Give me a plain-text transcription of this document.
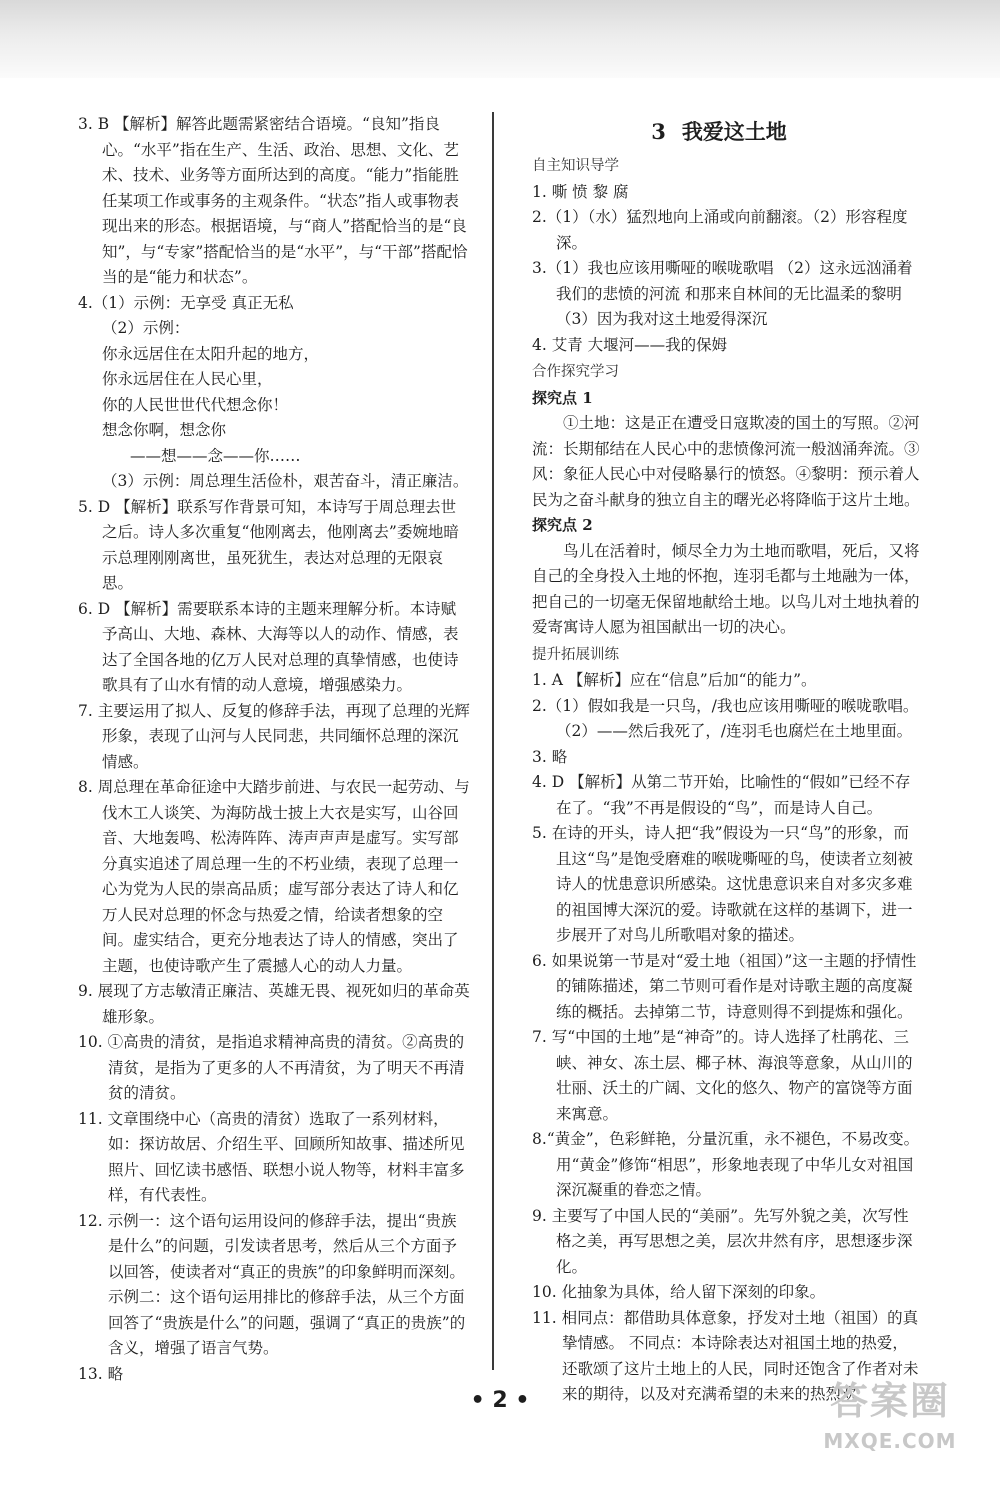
3. B 【解析】解答此题需紧密结合语境。“良知”指良心。“水平”指在生产、生活、政治、思想、文化、艺术、技术、业务等方面所达到的高度。“能力”指能胜任某项工作或事务的主观条件。“状态”指人或事物表现出来的形态。根据语境，与“商人”搭配恰当的是“良知”，与“专家”搭配恰当的是“水平”，与“干部”搭配恰当的是“能力和状态”。

4.（1）示例：无享受 真正无私

（2）示例：

你永远居住在太阳升起的地方，

你永远居住在人民心里，

你的人民世世代代想念你！

想念你啊，想念你

——想——念——你……

（3）示例：周总理生活俭朴，艰苦奋斗，清正廉洁。

5. D 【解析】联系写作背景可知，本诗写于周总理去世之后。诗人多次重复“他刚离去，他刚离去”委婉地暗示总理刚刚离世，虽死犹生，表达对总理的无限哀思。

6. D 【解析】需要联系本诗的主题来理解分析。本诗赋予高山、大地、森林、大海等以人的动作、情感，表达了全国各地的亿万人民对总理的真挚情感，也使诗歌具有了山水有情的动人意境，增强感染力。

7. 主要运用了拟人、反复的修辞手法，再现了总理的光辉形象，表现了山河与人民同悲，共同缅怀总理的深沉情感。

8. 周总理在革命征途中大踏步前进、与农民一起劳动、与伐木工人谈笑、为海防战士披上大衣是实写，山谷回音、大地轰鸣、松涛阵阵、涛声声声是虚写。实写部分真实追述了周总理一生的不朽业绩，表现了总理一心为党为人民的崇高品质；虚写部分表达了诗人和亿万人民对总理的怀念与热爱之情，给读者想象的空间。虚实结合，更充分地表达了诗人的情感，突出了主题，也使诗歌产生了震撼人心的动人力量。

9. 展现了方志敏清正廉洁、英雄无畏、视死如归的革命英雄形象。

10. ①高贵的清贫，是指追求精神高贵的清贫。②高贵的清贫，是指为了更多的人不再清贫，为了明天不再清贫的清贫。

11. 文章围绕中心（高贵的清贫）选取了一系列材料，如：探访故居、介绍生平、回顾所知故事、描述所见照片、回忆读书感悟、联想小说人物等，材料丰富多样，有代表性。

12. 示例一：这个语句运用设问的修辞手法，提出“贵族是什么”的问题，引发读者思考，然后从三个方面予以回答，使读者对“真正的贵族”的印象鲜明而深刻。 示例二：这个语句运用排比的修辞手法，从三个方面回答了“贵族是什么”的问题，强调了“真正的贵族”的含义，增强了语言气势。

13. 略

3 我爱这土地

自主知识导学

1. 嘶 愤 黎 腐

2.（1）（水）猛烈地向上涌或向前翻滚。（2）形容程度深。

3.（1）我也应该用嘶哑的喉咙歌唱 （2）这永远汹涌着我们的悲愤的河流 和那来自林间的无比温柔的黎明 （3）因为我对这土地爱得深沉

4. 艾青 大堰河——我的保姆

合作探究学习

探究点 1

①土地：这是正在遭受日寇欺凌的国土的写照。②河流：长期郁结在人民心中的悲愤像河流一般汹涌奔流。③风：象征人民心中对侵略暴行的愤怒。④黎明：预示着人民为之奋斗献身的独立自主的曙光必将降临于这片土地。

探究点 2

鸟儿在活着时，倾尽全力为土地而歌唱，死后，又将自己的全身投入土地的怀抱，连羽毛都与土地融为一体，把自己的一切毫无保留地献给土地。以鸟儿对土地执着的爱寄寓诗人愿为祖国献出一切的决心。

提升拓展训练

1. A 【解析】应在“信息”后加“的能力”。

2.（1）假如我是一只鸟，/我也应该用嘶哑的喉咙歌唱。

（2）——然后我死了，/连羽毛也腐烂在土地里面。

3. 略

4. D 【解析】从第二节开始，比喻性的“假如”已经不存在了。“我”不再是假设的“鸟”，而是诗人自己。

5. 在诗的开头，诗人把“我”假设为一只“鸟”的形象，而且这“鸟”是饱受磨难的喉咙嘶哑的鸟，使读者立刻被诗人的忧患意识所感染。这忧患意识来自对多灾多难的祖国博大深沉的爱。诗歌就在这样的基调下，进一步展开了对鸟儿所歌唱对象的描述。

6. 如果说第一节是对“爱土地（祖国）”这一主题的抒情性的铺陈描述，第二节则可看作是对诗歌主题的高度凝练的概括。去掉第二节，诗意则得不到提炼和强化。

7. 写“中国的土地”是“神奇”的。诗人选择了杜鹃花、三峡、神女、冻土层、椰子林、海浪等意象，从山川的壮丽、沃土的广阔、文化的悠久、物产的富饶等方面来寓意。

8.“黄金”，色彩鲜艳，分量沉重，永不褪色，不易改变。用“黄金”修饰“相思”，形象地表现了中华儿女对祖国深沉凝重的眷恋之情。

9. 主要写了中国人民的“美丽”。先写外貌之美，次写性格之美，再写思想之美，层次井然有序，思想逐步深化。

10. 化抽象为具体，给人留下深刻的印象。

11. 相同点：都借助具体意象，抒发对土地（祖国）的真挚情感。 不同点：本诗除表达对祖国土地的热爱，还歌颂了这片土地上的人民，同时还饱含了作者对未来的期待，以及对充满希望的未来的热烈欢

• 2 •	答案圈
MXQE.COM
